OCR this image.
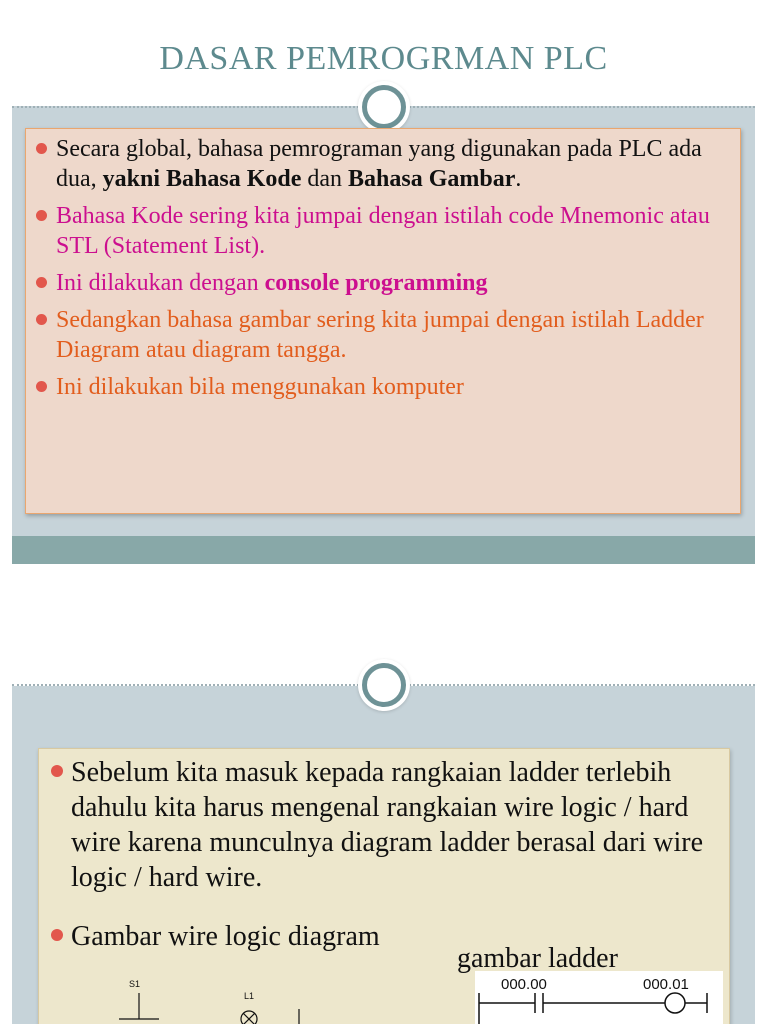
DASAR PEMROGRMAN PLC
Secara global, bahasa pemrograman yang digunakan pada PLC ada dua, yakni Bahasa Kode dan Bahasa Gambar.
Bahasa Kode sering kita jumpai dengan istilah code Mnemonic atau STL (Statement List).
Ini dilakukan dengan console programming
Sedangkan bahasa gambar sering kita jumpai dengan istilah Ladder Diagram atau diagram tangga.
Ini dilakukan bila menggunakan komputer
Sebelum kita masuk kepada rangkaian ladder terlebih dahulu kita harus mengenal rangkaian wire logic / hard wire karena munculnya diagram ladder berasal dari wire logic / hard wire.
Gambar wire logic diagram
gambar ladder
000.00	000.01
S1
L1
